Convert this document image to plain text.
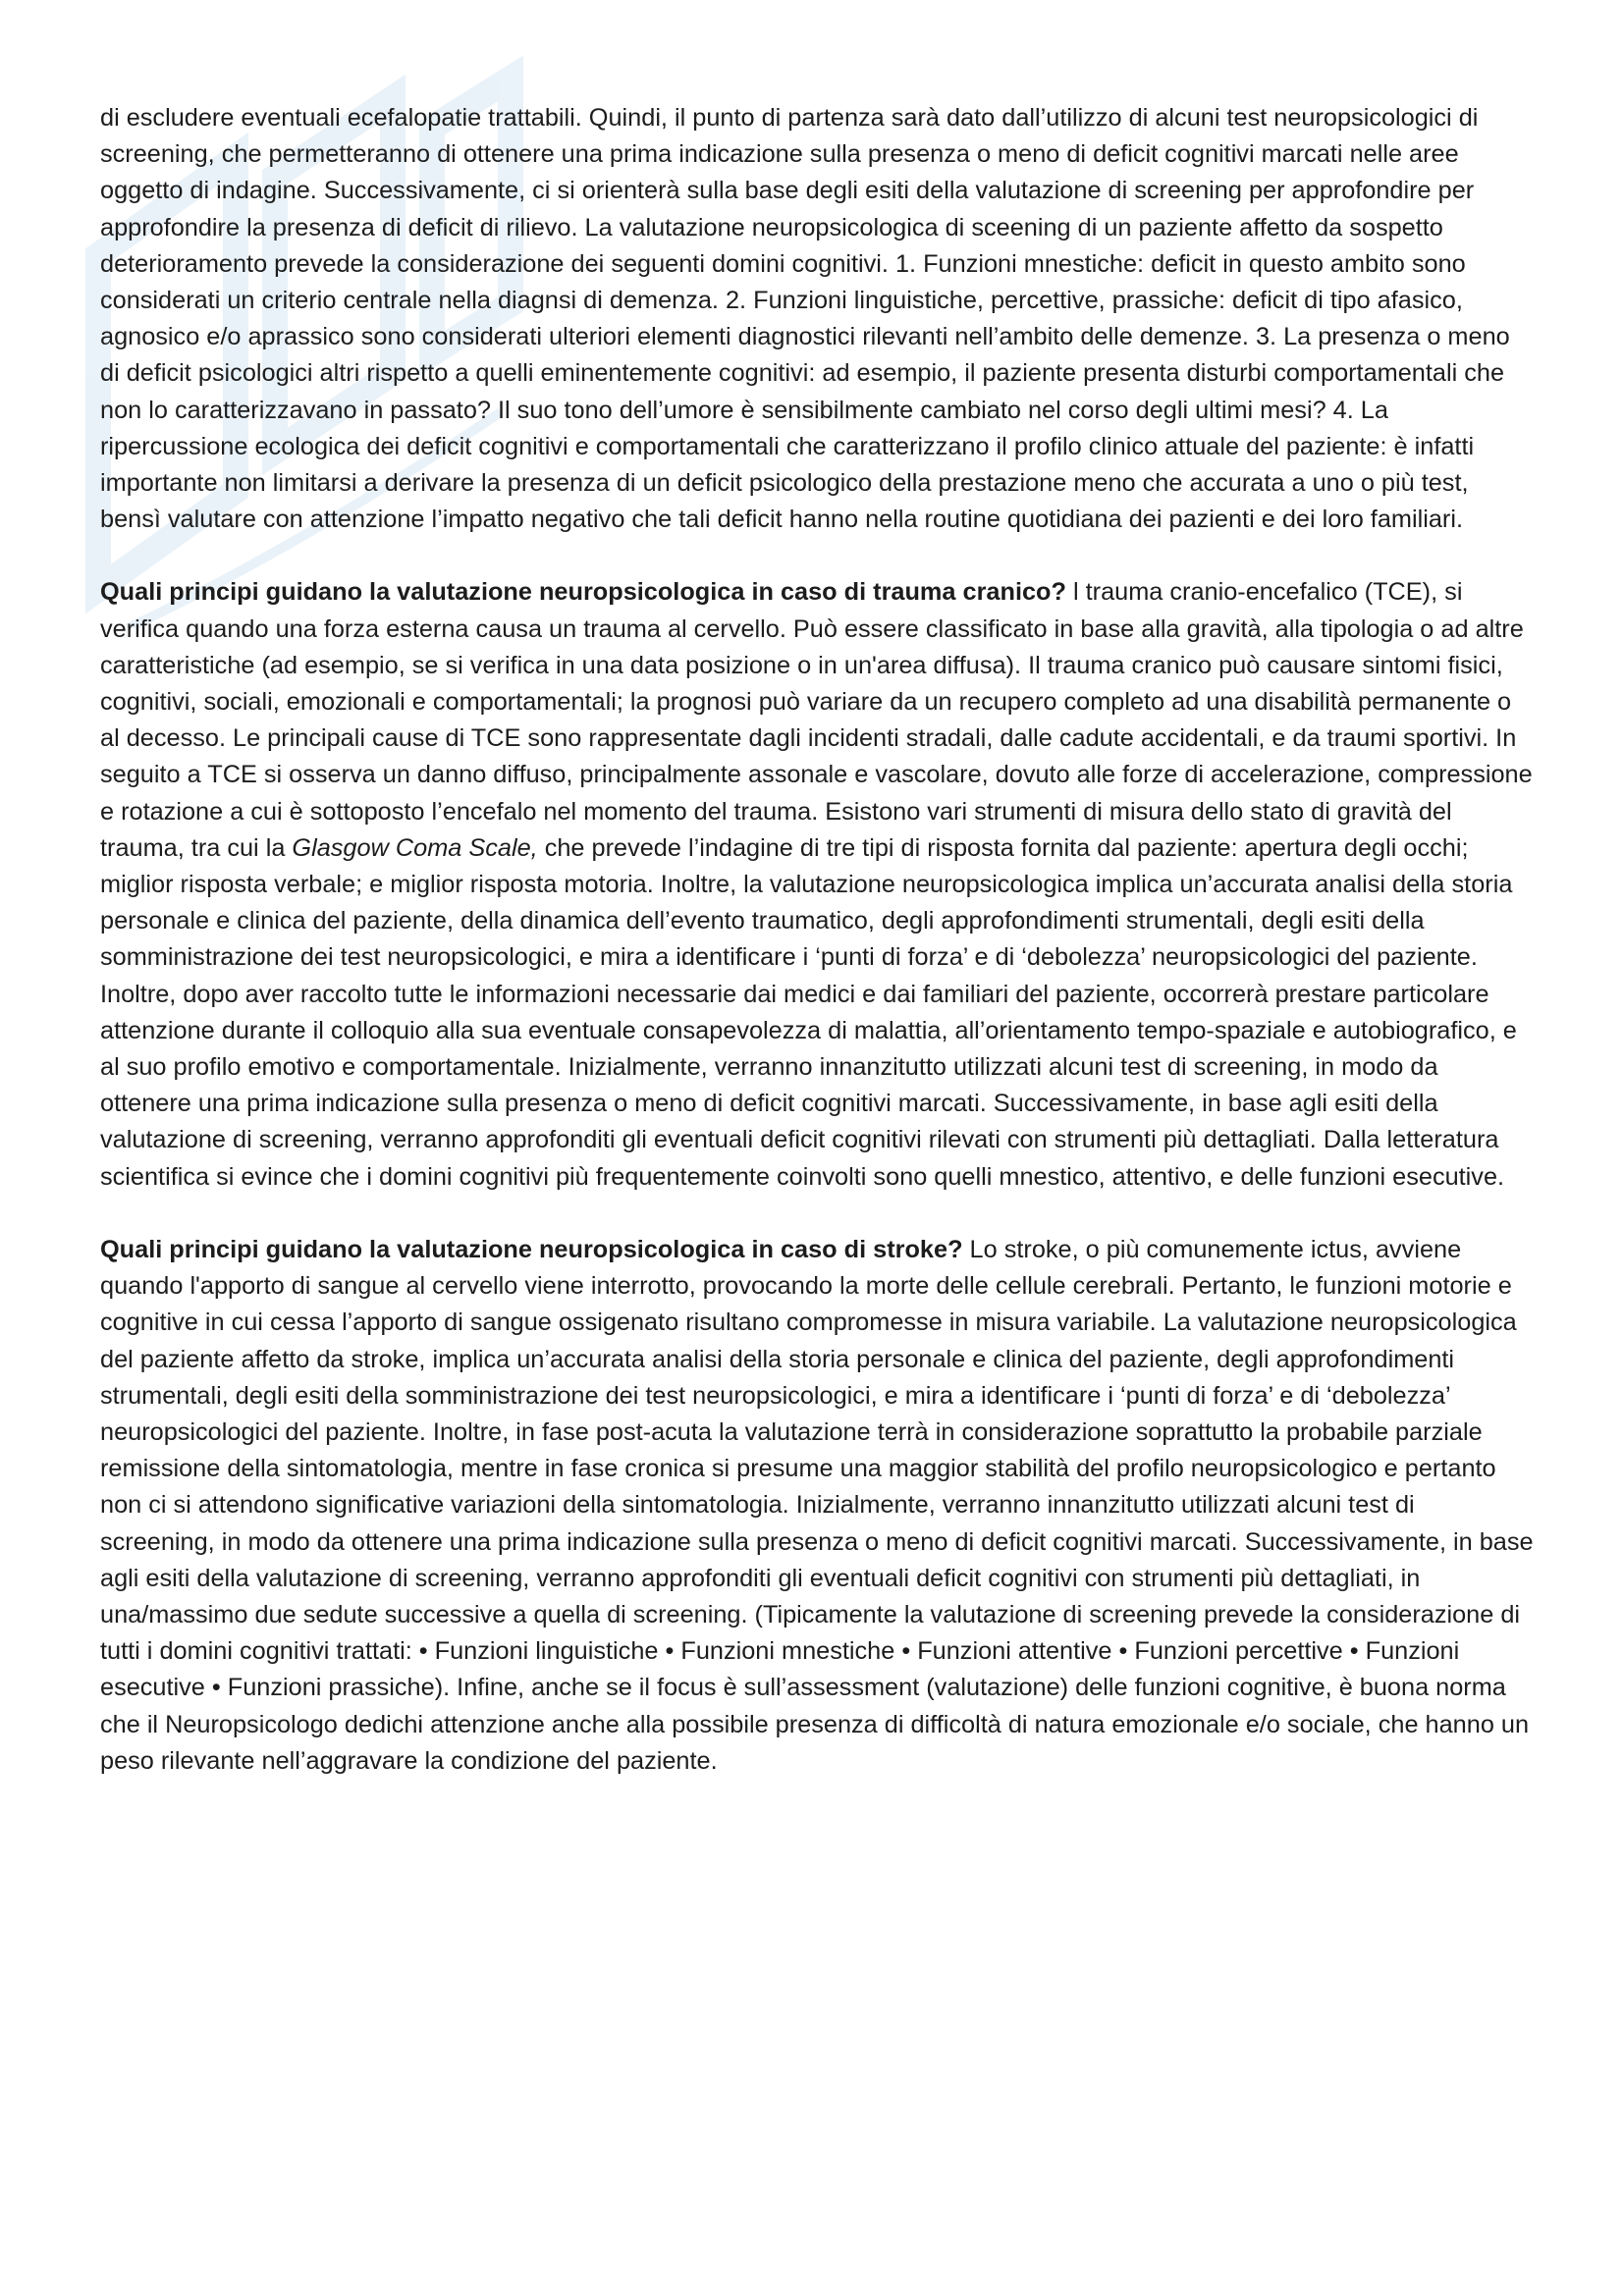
di escludere eventuali ecefalopatie trattabili. Quindi, il punto di partenza sarà dato dall’utilizzo di alcuni test neuropsicologici di screening, che permetteranno di ottenere una prima indicazione sulla presenza o meno di deficit cognitivi marcati nelle aree oggetto di indagine. Successivamente, ci si orienterà sulla base degli esiti della valutazione di screening per approfondire per approfondire la presenza di deficit di rilievo. La valutazione neuropsicologica di sceening di un paziente affetto da sospetto deterioramento prevede la considerazione dei seguenti domini cognitivi. 1. Funzioni mnestiche: deficit in questo ambito sono considerati un criterio centrale nella diagnsi di demenza. 2. Funzioni linguistiche, percettive, prassiche: deficit di tipo afasico, agnosico e/o aprassico sono considerati ulteriori elementi diagnostici rilevanti nell’ambito delle demenze. 3. La presenza o meno di deficit psicologici altri rispetto a quelli eminentemente cognitivi: ad esempio, il paziente presenta disturbi comportamentali che non lo caratterizzavano in passato? Il suo tono dell’umore è sensibilmente cambiato nel corso degli ultimi mesi? 4. La ripercussione ecologica dei deficit cognitivi e comportamentali che caratterizzano il profilo clinico attuale del paziente: è infatti importante non limitarsi a derivare la presenza di un deficit psicologico della prestazione meno che accurata a uno o più test, bensì valutare con attenzione l’impatto negativo che tali deficit hanno nella routine quotidiana dei pazienti e dei loro familiari.

Quali principi guidano la valutazione neuropsicologica in caso di trauma cranico? l trauma cranio-encefalico (TCE), si verifica quando una forza esterna causa un trauma al cervello. Può essere classificato in base alla gravità, alla tipologia o ad altre caratteristiche (ad esempio, se si verifica in una data posizione o in un'area diffusa). Il trauma cranico può causare sintomi fisici, cognitivi, sociali, emozionali e comportamentali; la prognosi può variare da un recupero completo ad una disabilità permanente o al decesso. Le principali cause di TCE sono rappresentate dagli incidenti stradali, dalle cadute accidentali, e da traumi sportivi. In seguito a TCE si osserva un danno diffuso, principalmente assonale e vascolare, dovuto alle forze di accelerazione, compressione e rotazione a cui è sottoposto l’encefalo nel momento del trauma. Esistono vari strumenti di misura dello stato di gravità del trauma, tra cui la Glasgow Coma Scale, che prevede l’indagine di tre tipi di risposta fornita dal paziente: apertura degli occhi; miglior risposta verbale; e miglior risposta motoria. Inoltre, la valutazione neuropsicologica implica un’accurata analisi della storia personale e clinica del paziente, della dinamica dell’evento traumatico, degli approfondimenti strumentali, degli esiti della somministrazione dei test neuropsicologici, e mira a identificare i ‘punti di forza’ e di ‘debolezza’ neuropsicologici del paziente. Inoltre, dopo aver raccolto tutte le informazioni necessarie dai medici e dai familiari del paziente, occorrerà prestare particolare attenzione durante il colloquio alla sua eventuale consapevolezza di malattia, all’orientamento tempo-spaziale e autobiografico, e al suo profilo emotivo e comportamentale. Inizialmente, verranno innanzitutto utilizzati alcuni test di screening, in modo da ottenere una prima indicazione sulla presenza o meno di deficit cognitivi marcati. Successivamente, in base agli esiti della valutazione di screening, verranno approfonditi gli eventuali deficit cognitivi rilevati con strumenti più dettagliati. Dalla letteratura scientifica si evince che i domini cognitivi più frequentemente coinvolti sono quelli mnestico, attentivo, e delle funzioni esecutive.

Quali principi guidano la valutazione neuropsicologica in caso di stroke? Lo stroke, o più comunemente ictus, avviene quando l'apporto di sangue al cervello viene interrotto, provocando la morte delle cellule cerebrali. Pertanto, le funzioni motorie e cognitive in cui cessa l’apporto di sangue ossigenato risultano compromesse in misura variabile. La valutazione neuropsicologica del paziente affetto da stroke, implica un’accurata analisi della storia personale e clinica del paziente, degli approfondimenti strumentali, degli esiti della somministrazione dei test neuropsicologici, e mira a identificare i ‘punti di forza’ e di ‘debolezza’ neuropsicologici del paziente. Inoltre, in fase post-acuta la valutazione terrà in considerazione soprattutto la probabile parziale remissione della sintomatologia, mentre in fase cronica si presume una maggior stabilità del profilo neuropsicologico e pertanto non ci si attendono significative variazioni della sintomatologia. Inizialmente, verranno innanzitutto utilizzati alcuni test di screening, in modo da ottenere una prima indicazione sulla presenza o meno di deficit cognitivi marcati. Successivamente, in base agli esiti della valutazione di screening, verranno approfonditi gli eventuali deficit cognitivi con strumenti più dettagliati, in una/massimo due sedute successive a quella di screening. (Tipicamente la valutazione di screening prevede la considerazione di tutti i domini cognitivi trattati: • Funzioni linguistiche • Funzioni mnestiche • Funzioni attentive • Funzioni percettive • Funzioni esecutive • Funzioni prassiche). Infine, anche se il focus è sull’assessment (valutazione) delle funzioni cognitive, è buona norma che il Neuropsicologo dedichi attenzione anche alla possibile presenza di difficoltà di natura emozionale e/o sociale, che hanno un peso rilevante nell’aggravare la condizione del paziente.
